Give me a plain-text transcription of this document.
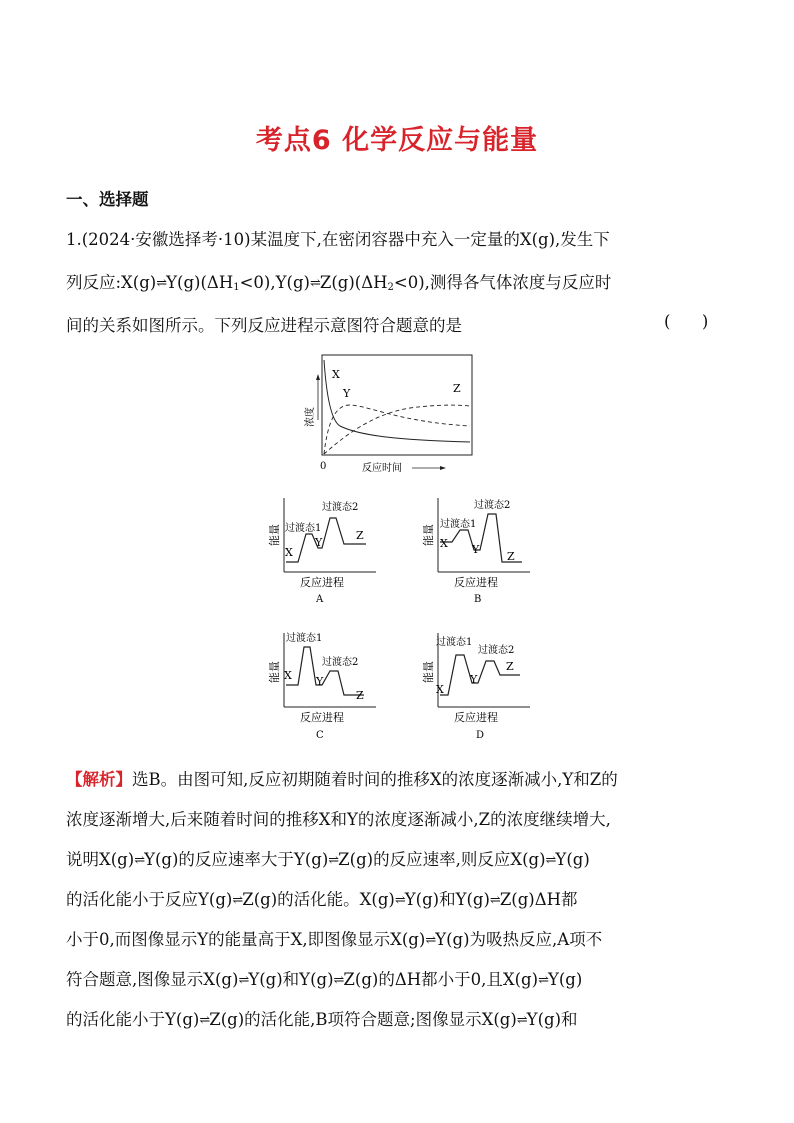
考点6 化学反应与能量
一、选择题
1.(2024·安徽选择考·10)某温度下,在密闭容器中充入一定量的X(g),发生下
列反应:X(g)⇌ $Y(g)(\Delta H_1<0),Y(g)\rightleftharpoons$ $Z(g)(\Delta H_2<0)$,测得各气体浓度与反应时
间的关系如图所示。下列反应进程示意图符合题意的是	(      )
浓度
0	反应时间
X
Y	Z
能量
反应进程
A
过渡态1
过渡态2
X
Y
Z	能量
反应进程
B
过渡态1
过渡态2
X Y
Z
能量
反应进程
C
过渡态1
过渡态2
X Y
Z
能量
反应进程
D
过渡态1
过渡态2
X
Y
Z
【解析】选B。由图可知,反应初期随着时间的推移X的浓度逐渐减小,Y和Z的
浓度逐渐增大,后来随着时间的推移X和Y的浓度逐渐减小,Z的浓度继续增大,
说明X(g)⇌ Y(g)的反应速率大于Y(g)⇌ Z(g)的反应速率,则反应X(g)⇌ Y(g)
的活化能小于反应Y(g)⇌ Z(g)的活化能。X(g)⇌ Y(g)和Y(g)⇌ Z(g)ΔH都
小于0,而图像显示Y的能量高于X,即图像显示X(g)⇌ Y(g)为吸热反应,A项不
符合题意,图像显示X(g)⇌ Y(g)和Y(g)⇌ Z(g)的ΔH都小于0,且X(g)⇌ Y(g)
的活化能小于Y(g)⇌ Z(g)的活化能,B项符合题意;图像显示X(g)⇌ Y(g)和
